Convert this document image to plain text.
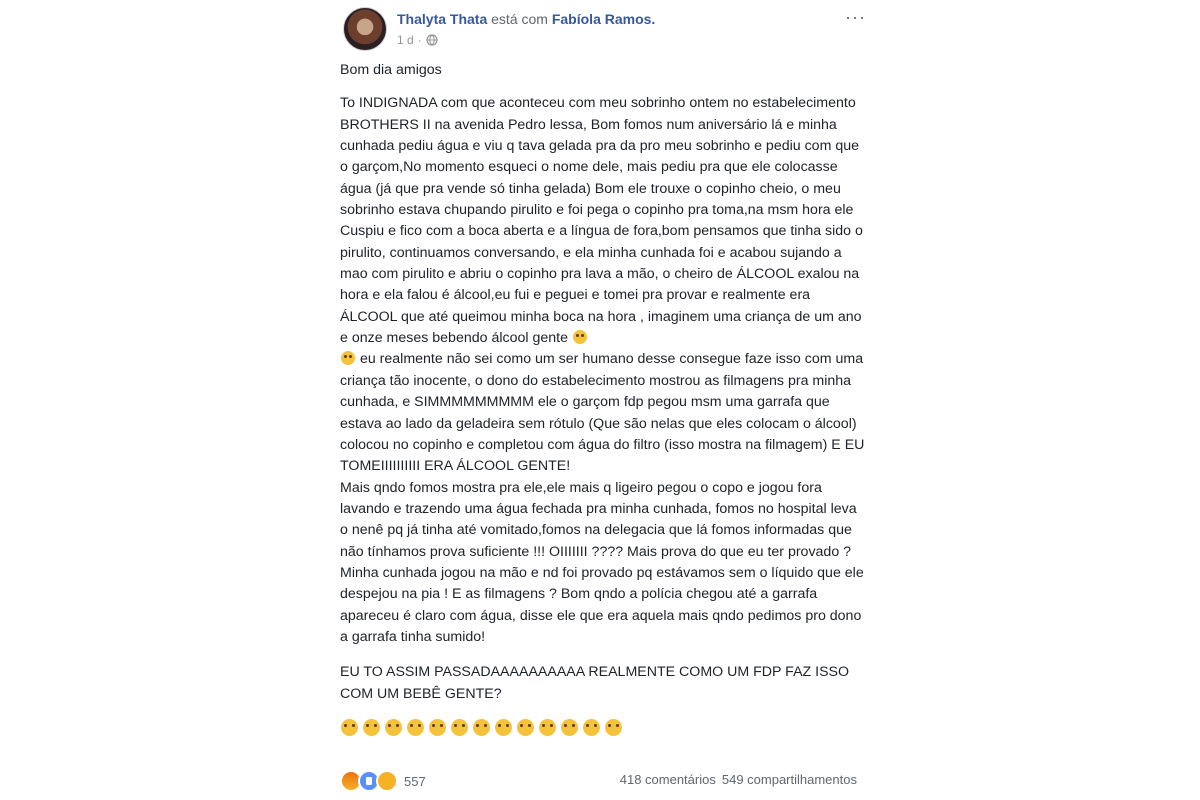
Thalyta Thata está com Fabíola Ramos.
1 d ·
···

Bom dia amigos

To INDIGNADA com que aconteceu com meu sobrinho ontem no estabelecimento BROTHERS II na avenida Pedro lessa, Bom fomos num aniversário lá e minha cunhada pediu água e viu q tava gelada pra da pro meu sobrinho e pediu com que o garçom,No momento esqueci o nome dele, mais pediu pra que ele colocasse água (já que pra vende só tinha gelada) Bom ele trouxe o copinho cheio, o meu sobrinho estava chupando pirulito e foi pega o copinho pra toma,na msm hora ele
Cuspiu e fico com a boca aberta e a língua de fora,bom pensamos que tinha sido o pirulito, continuamos conversando, e ela minha cunhada foi e acabou sujando a mao com pirulito e abriu o copinho pra lava a mão, o cheiro de ÁLCOOL exalou na hora e ela falou é álcool,eu fui e peguei e tomei pra provar e realmente era ÁLCOOL que até queimou minha boca na hora , imaginem uma criança de um ano e onze meses bebendo álcool gente
eu realmente não sei como um ser humano desse consegue faze isso com uma criança tão inocente, o dono do estabelecimento mostrou as filmagens pra minha cunhada, e SIMMMMMMMMM ele o garçom fdp pegou msm uma garrafa que estava ao lado da geladeira sem rótulo (Que são nelas que eles colocam o álcool) colocou no copinho e completou com água do filtro (isso mostra na filmagem) E EU TOMEIIIIIIIIII ERA ÁLCOOL GENTE!
Mais qndo fomos mostra pra ele,ele mais q ligeiro pegou o copo e jogou fora lavando e trazendo uma água fechada pra minha cunhada, fomos no hospital leva o nenê pq já tinha até vomitado,fomos na delegacia que lá fomos informadas que não tínhamos prova suficiente !!! OIIIIIII ???? Mais prova do que eu ter provado ? Minha cunhada jogou na mão e nd foi provado pq estávamos sem o líquido que ele despejou na pia ! E as filmagens ? Bom qndo a polícia chegou até a garrafa apareceu é claro com água, disse ele que era aquela mais qndo pedimos pro dono a garrafa tinha sumido!

EU TO ASSIM PASSADAAAAAAAAAA REALMENTE COMO UM FDP FAZ ISSO COM UM BEBÊ GENTE?

557	418 comentários 549 compartilhamentos
